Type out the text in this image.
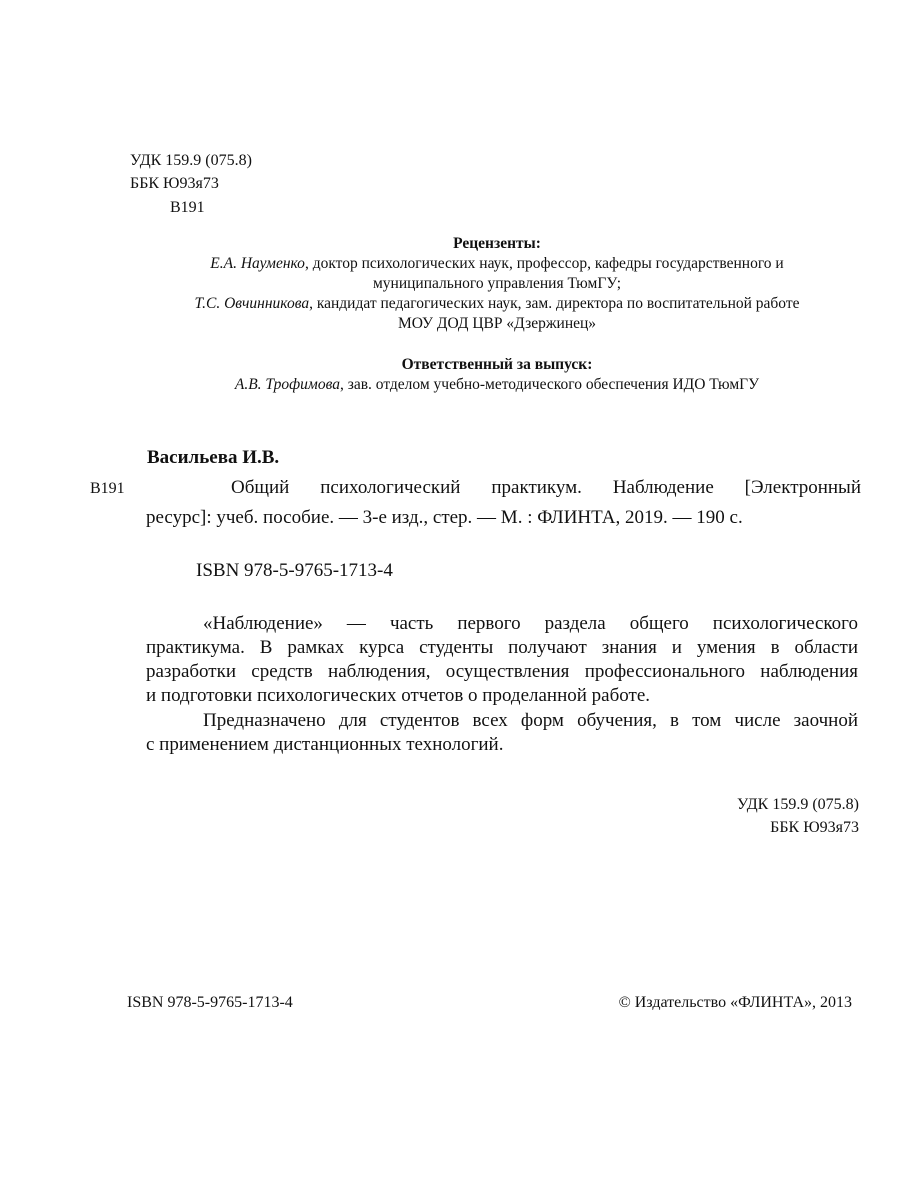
УДК 159.9 (075.8)
ББК Ю93я73
В191
Рецензенты:
Е.А. Науменко, доктор психологических наук, профессор, кафедры государственного и
муниципального управления ТюмГУ;
Т.С. Овчинникова, кандидат педагогических наук, зам. директора по воспитательной работе
МОУ ДОД ЦВР «Дзержинец»
Ответственный за выпуск:
А.В. Трофимова, зав. отделом учебно-методического обеспечения ИДО ТюмГУ
Васильева И.В.
В191	Общий психологический практикум. Наблюдение [Электронный
ресурс]: учеб. пособие. — 3-е изд., стер. — М. : ФЛИНТА, 2019. — 190 с.
ISBN 978-5-9765-1713-4
«Наблюдение» — часть первого раздела общего психологического
практикума. В рамках курса студенты получают знания и умения в области
разработки средств наблюдения, осуществления профессионального наблюдения
и подготовки психологических отчетов о проделанной работе.
Предназначено для студентов всех форм обучения, в том числе заочной
с применением дистанционных технологий.
УДК 159.9 (075.8)
ББК Ю93я73
ISBN 978-5-9765-1713-4	© Издательство «ФЛИНТА», 2013
